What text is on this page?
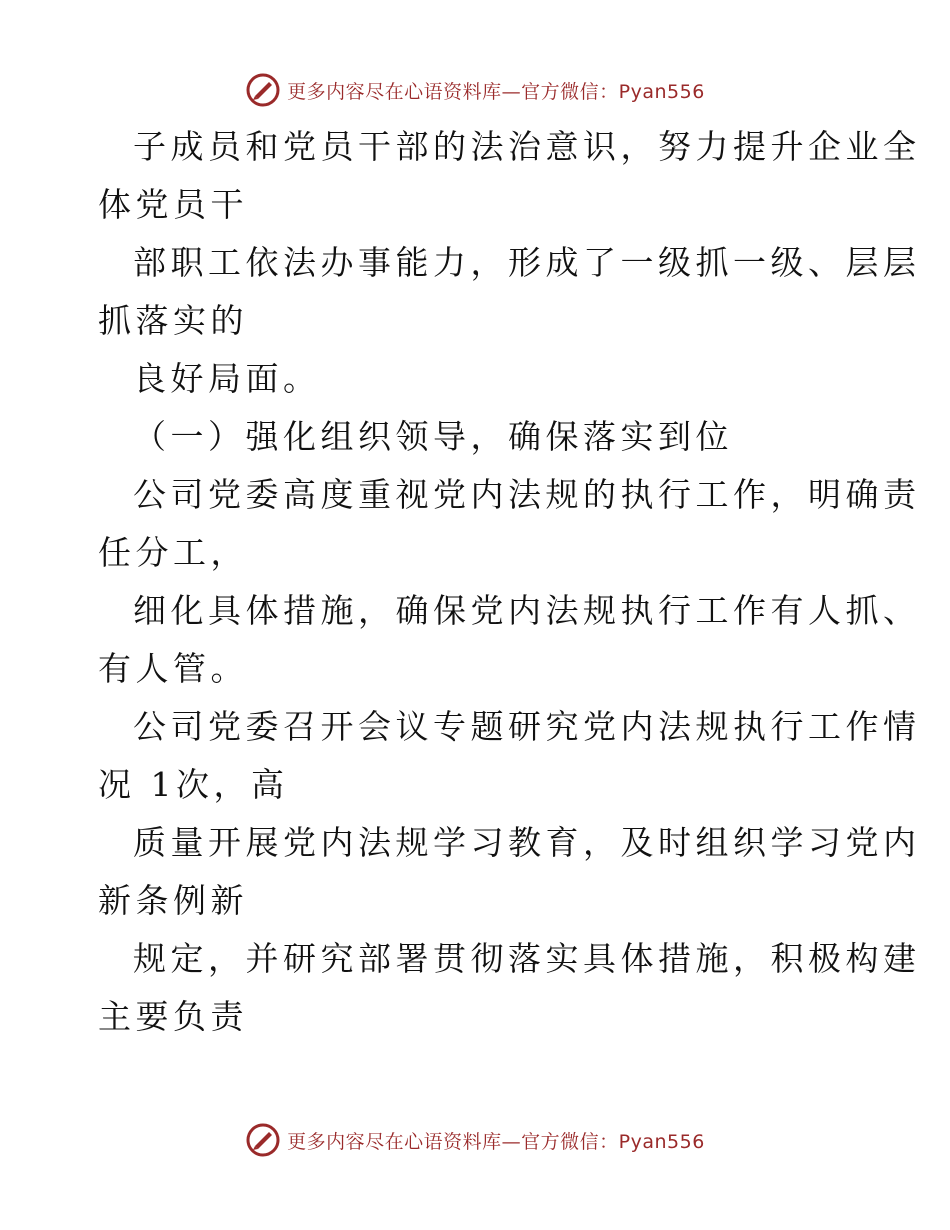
更多内容尽在心语资料库—官方微信：Pyan556
子成员和党员干部的法治意识，努力提升企业全
体党员干
部职工依法办事能力，形成了一级抓一级、层层
抓落实的
良好局面。
（一）强化组织领导，确保落实到位
公司党委高度重视党内法规的执行工作，明确责
任分工，
细化具体措施，确保党内法规执行工作有人抓、
有人管。
公司党委召开会议专题研究党内法规执行工作情
况 1次，高
质量开展党内法规学习教育，及时组织学习党内
新条例新
规定，并研究部署贯彻落实具体措施，积极构建
主要负责
更多内容尽在心语资料库—官方微信：Pyan556
